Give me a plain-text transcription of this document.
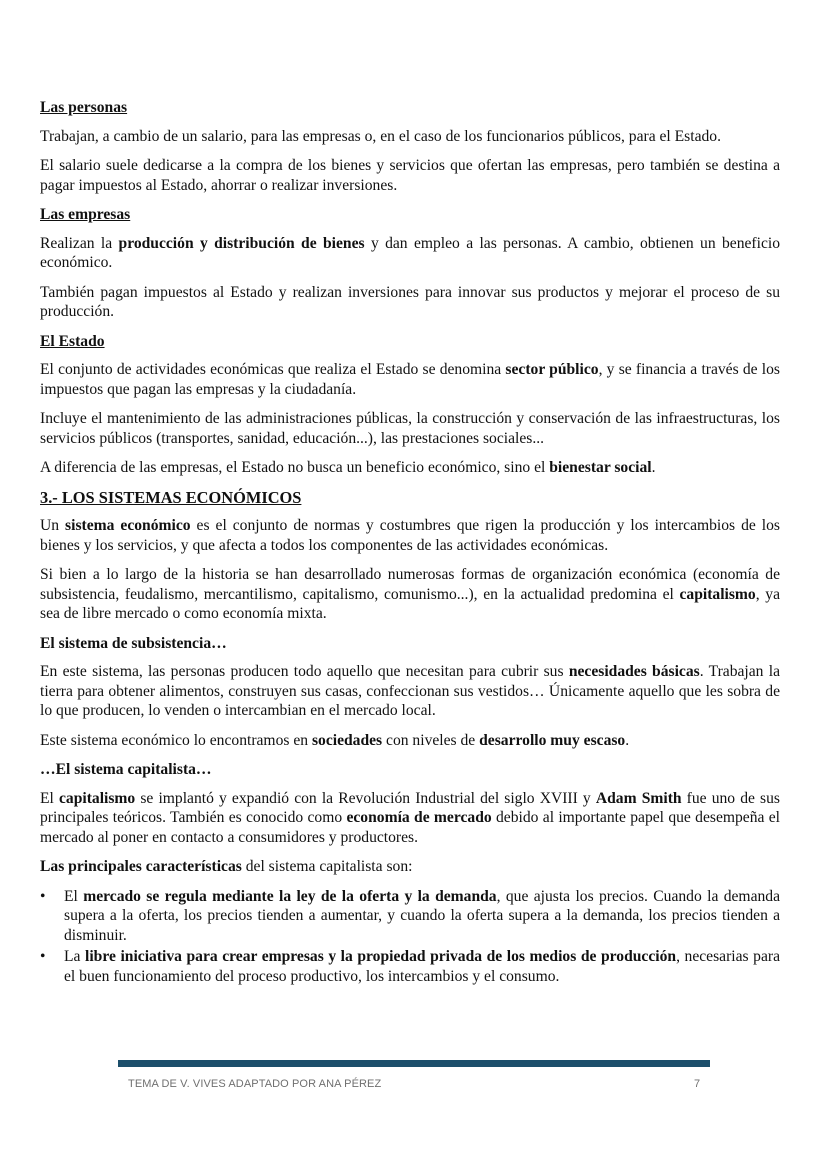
Las personas

Trabajan, a cambio de un salario, para las empresas o, en el caso de los funcionarios públicos, para el Estado.

El salario suele dedicarse a la compra de los bienes y servicios que ofertan las empresas, pero también se destina a pagar impuestos al Estado, ahorrar o realizar inversiones.

Las empresas

Realizan la producción y distribución de bienes y dan empleo a las personas. A cambio, obtienen un beneficio económico.

También pagan impuestos al Estado y realizan inversiones para innovar sus productos y mejorar el proceso de su producción.

El Estado

El conjunto de actividades económicas que realiza el Estado se denomina sector público, y se financia a través de los impuestos que pagan las empresas y la ciudadanía.

Incluye el mantenimiento de las administraciones públicas, la construcción y conservación de las infraestructuras, los servicios públicos (transportes, sanidad, educación...), las prestaciones sociales...

A diferencia de las empresas, el Estado no busca un beneficio económico, sino el bienestar social.

3.- LOS SISTEMAS ECONÓMICOS

Un sistema económico es el conjunto de normas y costumbres que rigen la producción y los intercambios de los bienes y los servicios, y que afecta a todos los componentes de las actividades económicas.

Si bien a lo largo de la historia se han desarrollado numerosas formas de organización económica (economía de subsistencia, feudalismo, mercantilismo, capitalismo, comunismo...), en la actualidad predomina el capitalismo, ya sea de libre mercado o como economía mixta.

El sistema de subsistencia…

En este sistema, las personas producen todo aquello que necesitan para cubrir sus necesidades básicas. Trabajan la tierra para obtener alimentos, construyen sus casas, confeccionan sus vestidos… Únicamente aquello que les sobra de lo que producen, lo venden o intercambian en el mercado local.

Este sistema económico lo encontramos en sociedades con niveles de desarrollo muy escaso.

…El sistema capitalista…

El capitalismo se implantó y expandió con la Revolución Industrial del siglo XVIII y Adam Smith fue uno de sus principales teóricos. También es conocido como economía de mercado debido al importante papel que desempeña el mercado al poner en contacto a consumidores y productores.

Las principales características del sistema capitalista son:

•	El mercado se regula mediante la ley de la oferta y la demanda, que ajusta los precios. Cuando la demanda supera a la oferta, los precios tienden a aumentar, y cuando la oferta supera a la demanda, los precios tienden a disminuir.
•	La libre iniciativa para crear empresas y la propiedad privada de los medios de producción, necesarias para el buen funcionamiento del proceso productivo, los intercambios y el consumo.
TEMA DE V. VIVES ADAPTADO POR ANA PÉREZ	7
